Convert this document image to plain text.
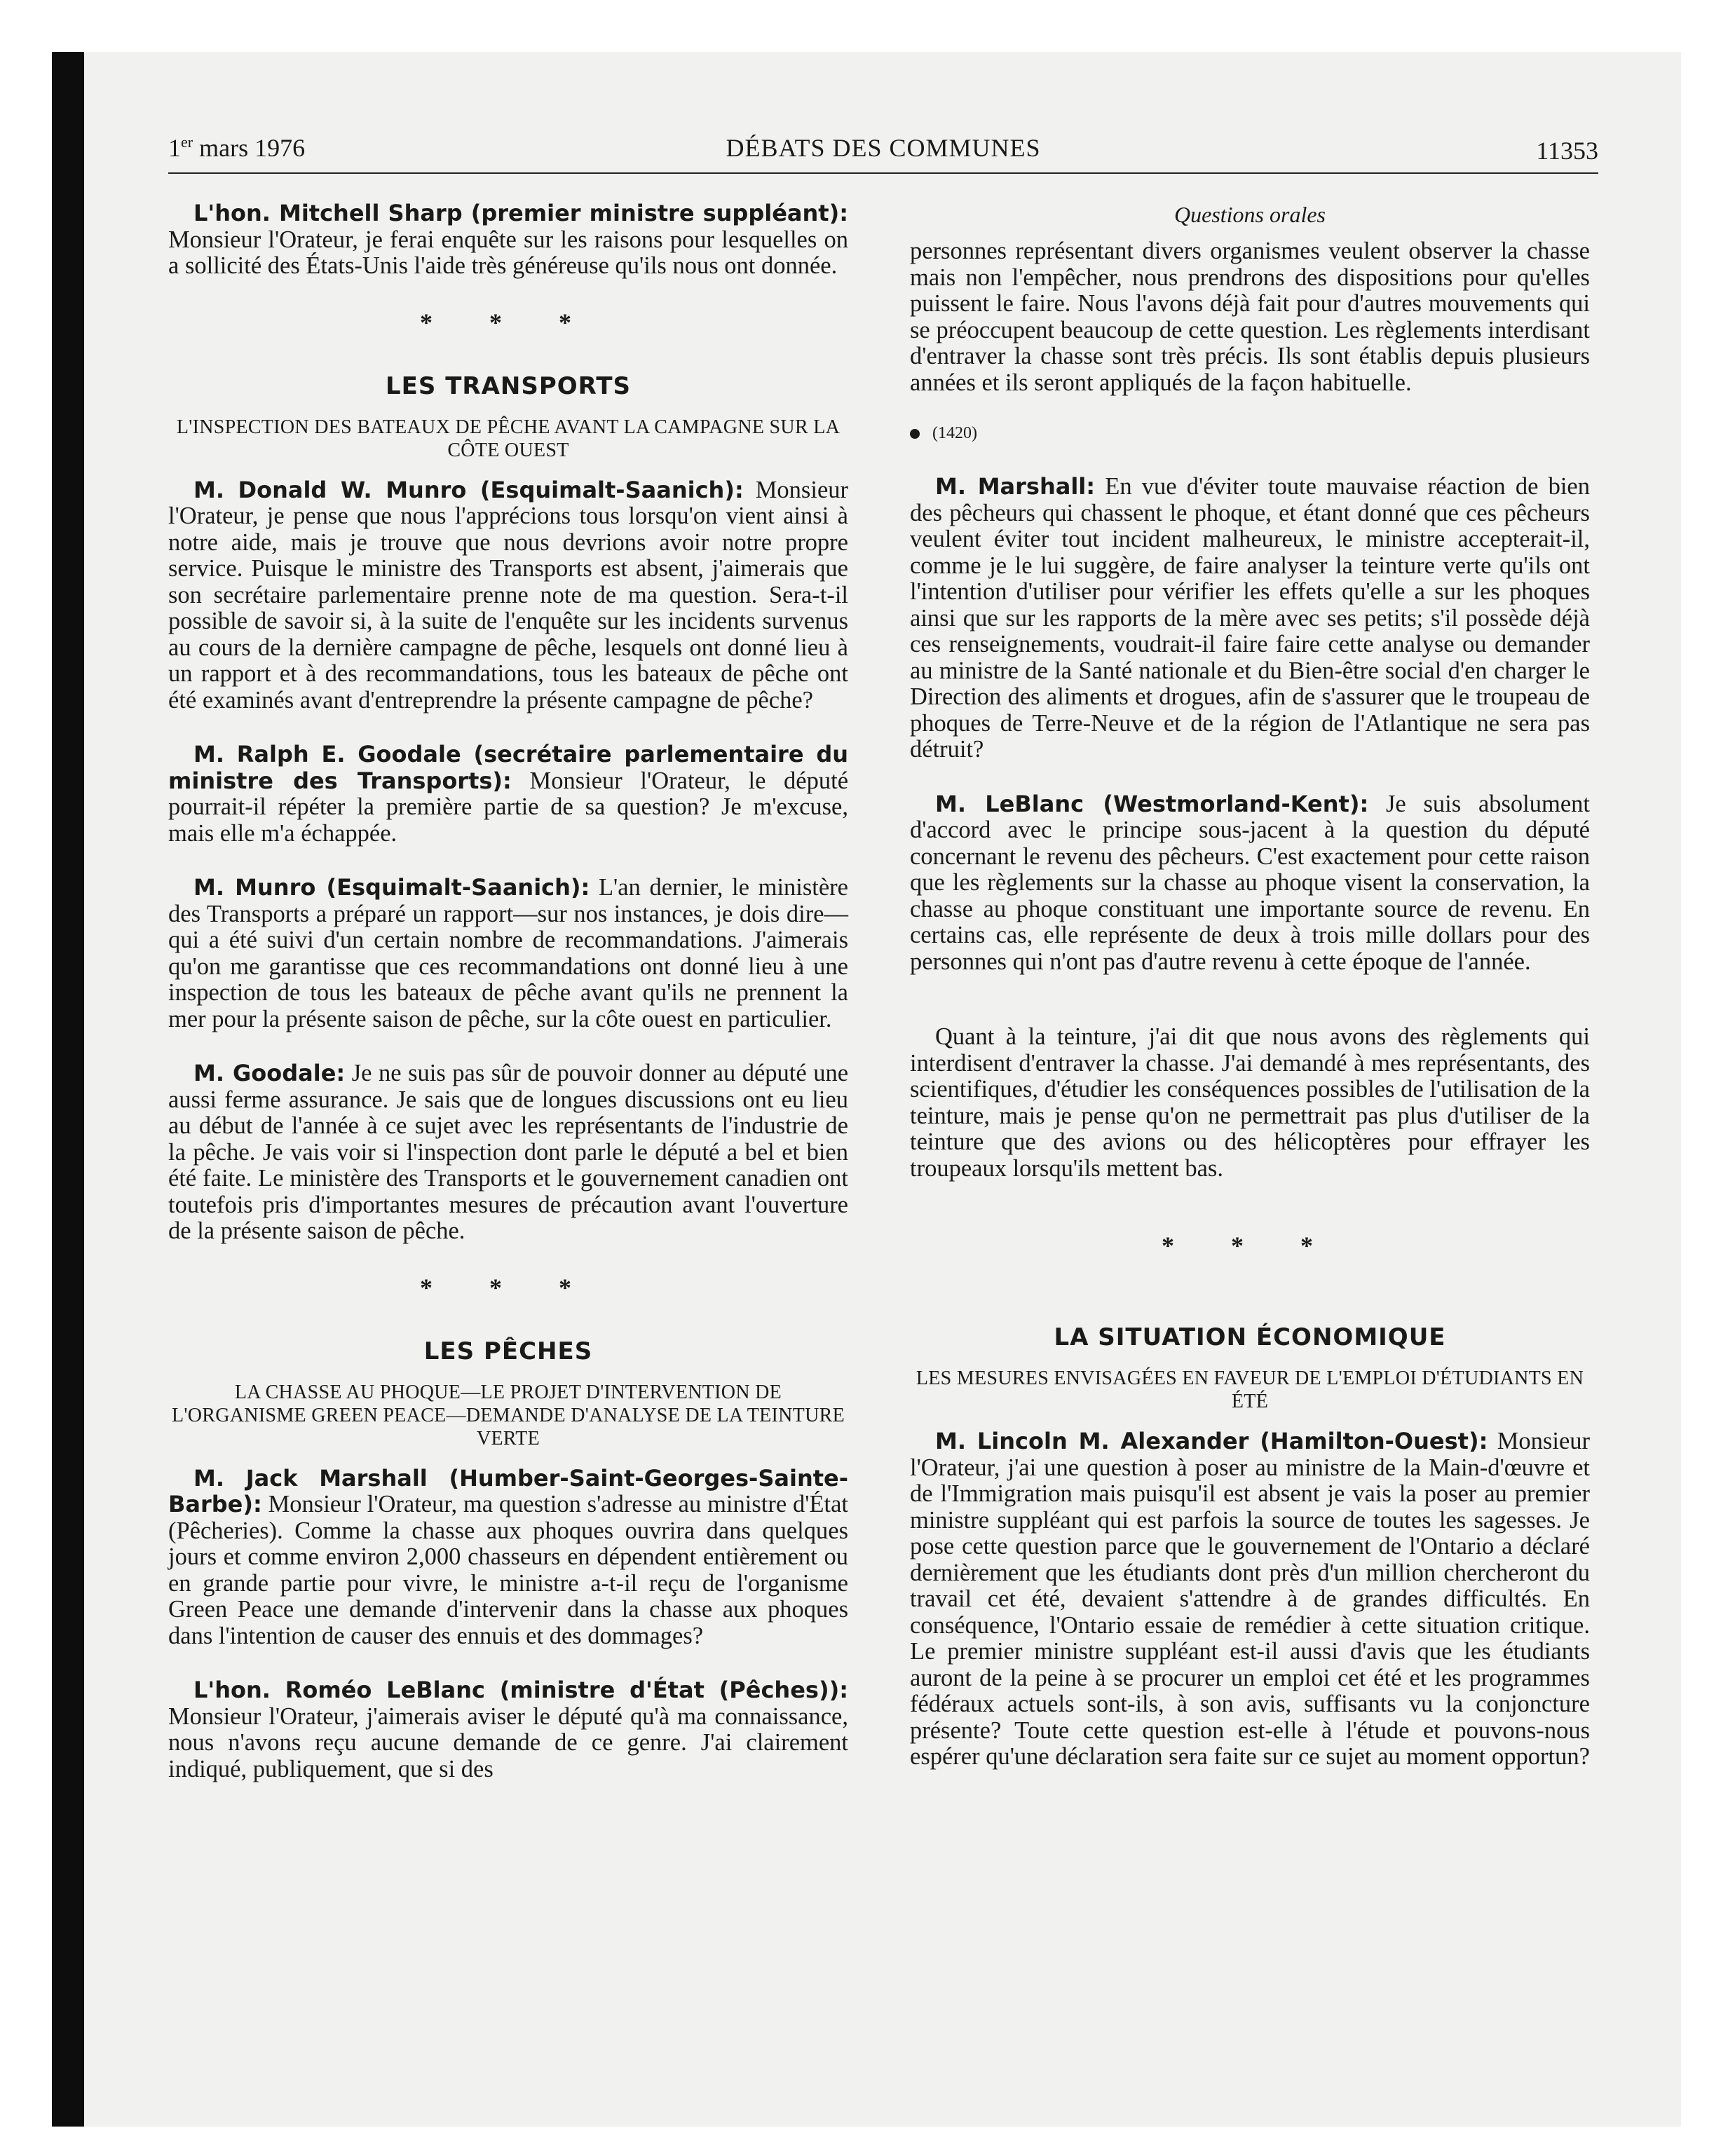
1er mars 1976	DÉBATS DES COMMUNES	11353

L'hon. Mitchell Sharp (premier ministre suppléant): Monsieur l'Orateur, je ferai enquête sur les raisons pour lesquelles on a sollicité des États-Unis l'aide très généreuse qu'ils nous ont donnée.

* * *
LES TRANSPORTS
L'INSPECTION DES BATEAUX DE PÊCHE AVANT LA CAMPAGNE SUR LA CÔTE OUEST

M. Donald W. Munro (Esquimalt-Saanich): Monsieur l'Orateur, je pense que nous l'apprécions tous lorsqu'on vient ainsi à notre aide, mais je trouve que nous devrions avoir notre propre service. Puisque le ministre des Transports est absent, j'aimerais que son secrétaire parlementaire prenne note de ma question. Sera-t-il possible de savoir si, à la suite de l'enquête sur les incidents survenus au cours de la dernière campagne de pêche, lesquels ont donné lieu à un rapport et à des recommandations, tous les bateaux de pêche ont été examinés avant d'entreprendre la présente campagne de pêche?

M. Ralph E. Goodale (secrétaire parlementaire du ministre des Transports): Monsieur l'Orateur, le député pourrait-il répéter la première partie de sa question? Je m'excuse, mais elle m'a échappée.

M. Munro (Esquimalt-Saanich): L'an dernier, le ministère des Transports a préparé un rapport—sur nos instances, je dois dire—qui a été suivi d'un certain nombre de recommandations. J'aimerais qu'on me garantisse que ces recommandations ont donné lieu à une inspection de tous les bateaux de pêche avant qu'ils ne prennent la mer pour la présente saison de pêche, sur la côte ouest en particulier.

M. Goodale: Je ne suis pas sûr de pouvoir donner au député une aussi ferme assurance. Je sais que de longues discussions ont eu lieu au début de l'année à ce sujet avec les représentants de l'industrie de la pêche. Je vais voir si l'inspection dont parle le député a bel et bien été faite. Le ministère des Transports et le gouvernement canadien ont toutefois pris d'importantes mesures de précaution avant l'ouverture de la présente saison de pêche.

* * *
LES PÊCHES
LA CHASSE AU PHOQUE—LE PROJET D'INTERVENTION DE L'ORGANISME GREEN PEACE—DEMANDE D'ANALYSE DE LA TEINTURE VERTE

M. Jack Marshall (Humber-Saint-Georges-Sainte-Barbe): Monsieur l'Orateur, ma question s'adresse au ministre d'État (Pêcheries). Comme la chasse aux phoques ouvrira dans quelques jours et comme environ 2,000 chasseurs en dépendent entièrement ou en grande partie pour vivre, le ministre a-t-il reçu de l'organisme Green Peace une demande d'intervenir dans la chasse aux phoques dans l'intention de causer des ennuis et des dommages?

L'hon. Roméo LeBlanc (ministre d'État (Pêches)): Monsieur l'Orateur, j'aimerais aviser le député qu'à ma connaissance, nous n'avons reçu aucune demande de ce genre. J'ai clairement indiqué, publiquement, que si des

Questions orales

personnes représentant divers organismes veulent observer la chasse mais non l'empêcher, nous prendrons des dispositions pour qu'elles puissent le faire. Nous l'avons déjà fait pour d'autres mouvements qui se préoccupent beaucoup de cette question. Les règlements interdisant d'entraver la chasse sont très précis. Ils sont établis depuis plusieurs années et ils seront appliqués de la façon habituelle.

(1420)

M. Marshall: En vue d'éviter toute mauvaise réaction de bien des pêcheurs qui chassent le phoque, et étant donné que ces pêcheurs veulent éviter tout incident malheureux, le ministre accepterait-il, comme je le lui suggère, de faire analyser la teinture verte qu'ils ont l'intention d'utiliser pour vérifier les effets qu'elle a sur les phoques ainsi que sur les rapports de la mère avec ses petits; s'il possède déjà ces renseignements, voudrait-il faire faire cette analyse ou demander au ministre de la Santé nationale et du Bien-être social d'en charger le Direction des aliments et drogues, afin de s'assurer que le troupeau de phoques de Terre-Neuve et de la région de l'Atlantique ne sera pas détruit?

M. LeBlanc (Westmorland-Kent): Je suis absolument d'accord avec le principe sous-jacent à la question du député concernant le revenu des pêcheurs. C'est exactement pour cette raison que les règlements sur la chasse au phoque visent la conservation, la chasse au phoque constituant une importante source de revenu. En certains cas, elle représente de deux à trois mille dollars pour des personnes qui n'ont pas d'autre revenu à cette époque de l'année.

Quant à la teinture, j'ai dit que nous avons des règlements qui interdisent d'entraver la chasse. J'ai demandé à mes représentants, des scientifiques, d'étudier les conséquences possibles de l'utilisation de la teinture, mais je pense qu'on ne permettrait pas plus d'utiliser de la teinture que des avions ou des hélicoptères pour effrayer les troupeaux lorsqu'ils mettent bas.

* * *
LA SITUATION ÉCONOMIQUE
LES MESURES ENVISAGÉES EN FAVEUR DE L'EMPLOI D'ÉTUDIANTS EN ÉTÉ

M. Lincoln M. Alexander (Hamilton-Ouest): Monsieur l'Orateur, j'ai une question à poser au ministre de la Main-d'œuvre et de l'Immigration mais puisqu'il est absent je vais la poser au premier ministre suppléant qui est parfois la source de toutes les sagesses. Je pose cette question parce que le gouvernement de l'Ontario a déclaré dernièrement que les étudiants dont près d'un million chercheront du travail cet été, devaient s'attendre à de grandes difficultés. En conséquence, l'Ontario essaie de remédier à cette situation critique. Le premier ministre suppléant est-il aussi d'avis que les étudiants auront de la peine à se procurer un emploi cet été et les programmes fédéraux actuels sont-ils, à son avis, suffisants vu la conjoncture présente? Toute cette question est-elle à l'étude et pouvons-nous espérer qu'une déclaration sera faite sur ce sujet au moment opportun?
